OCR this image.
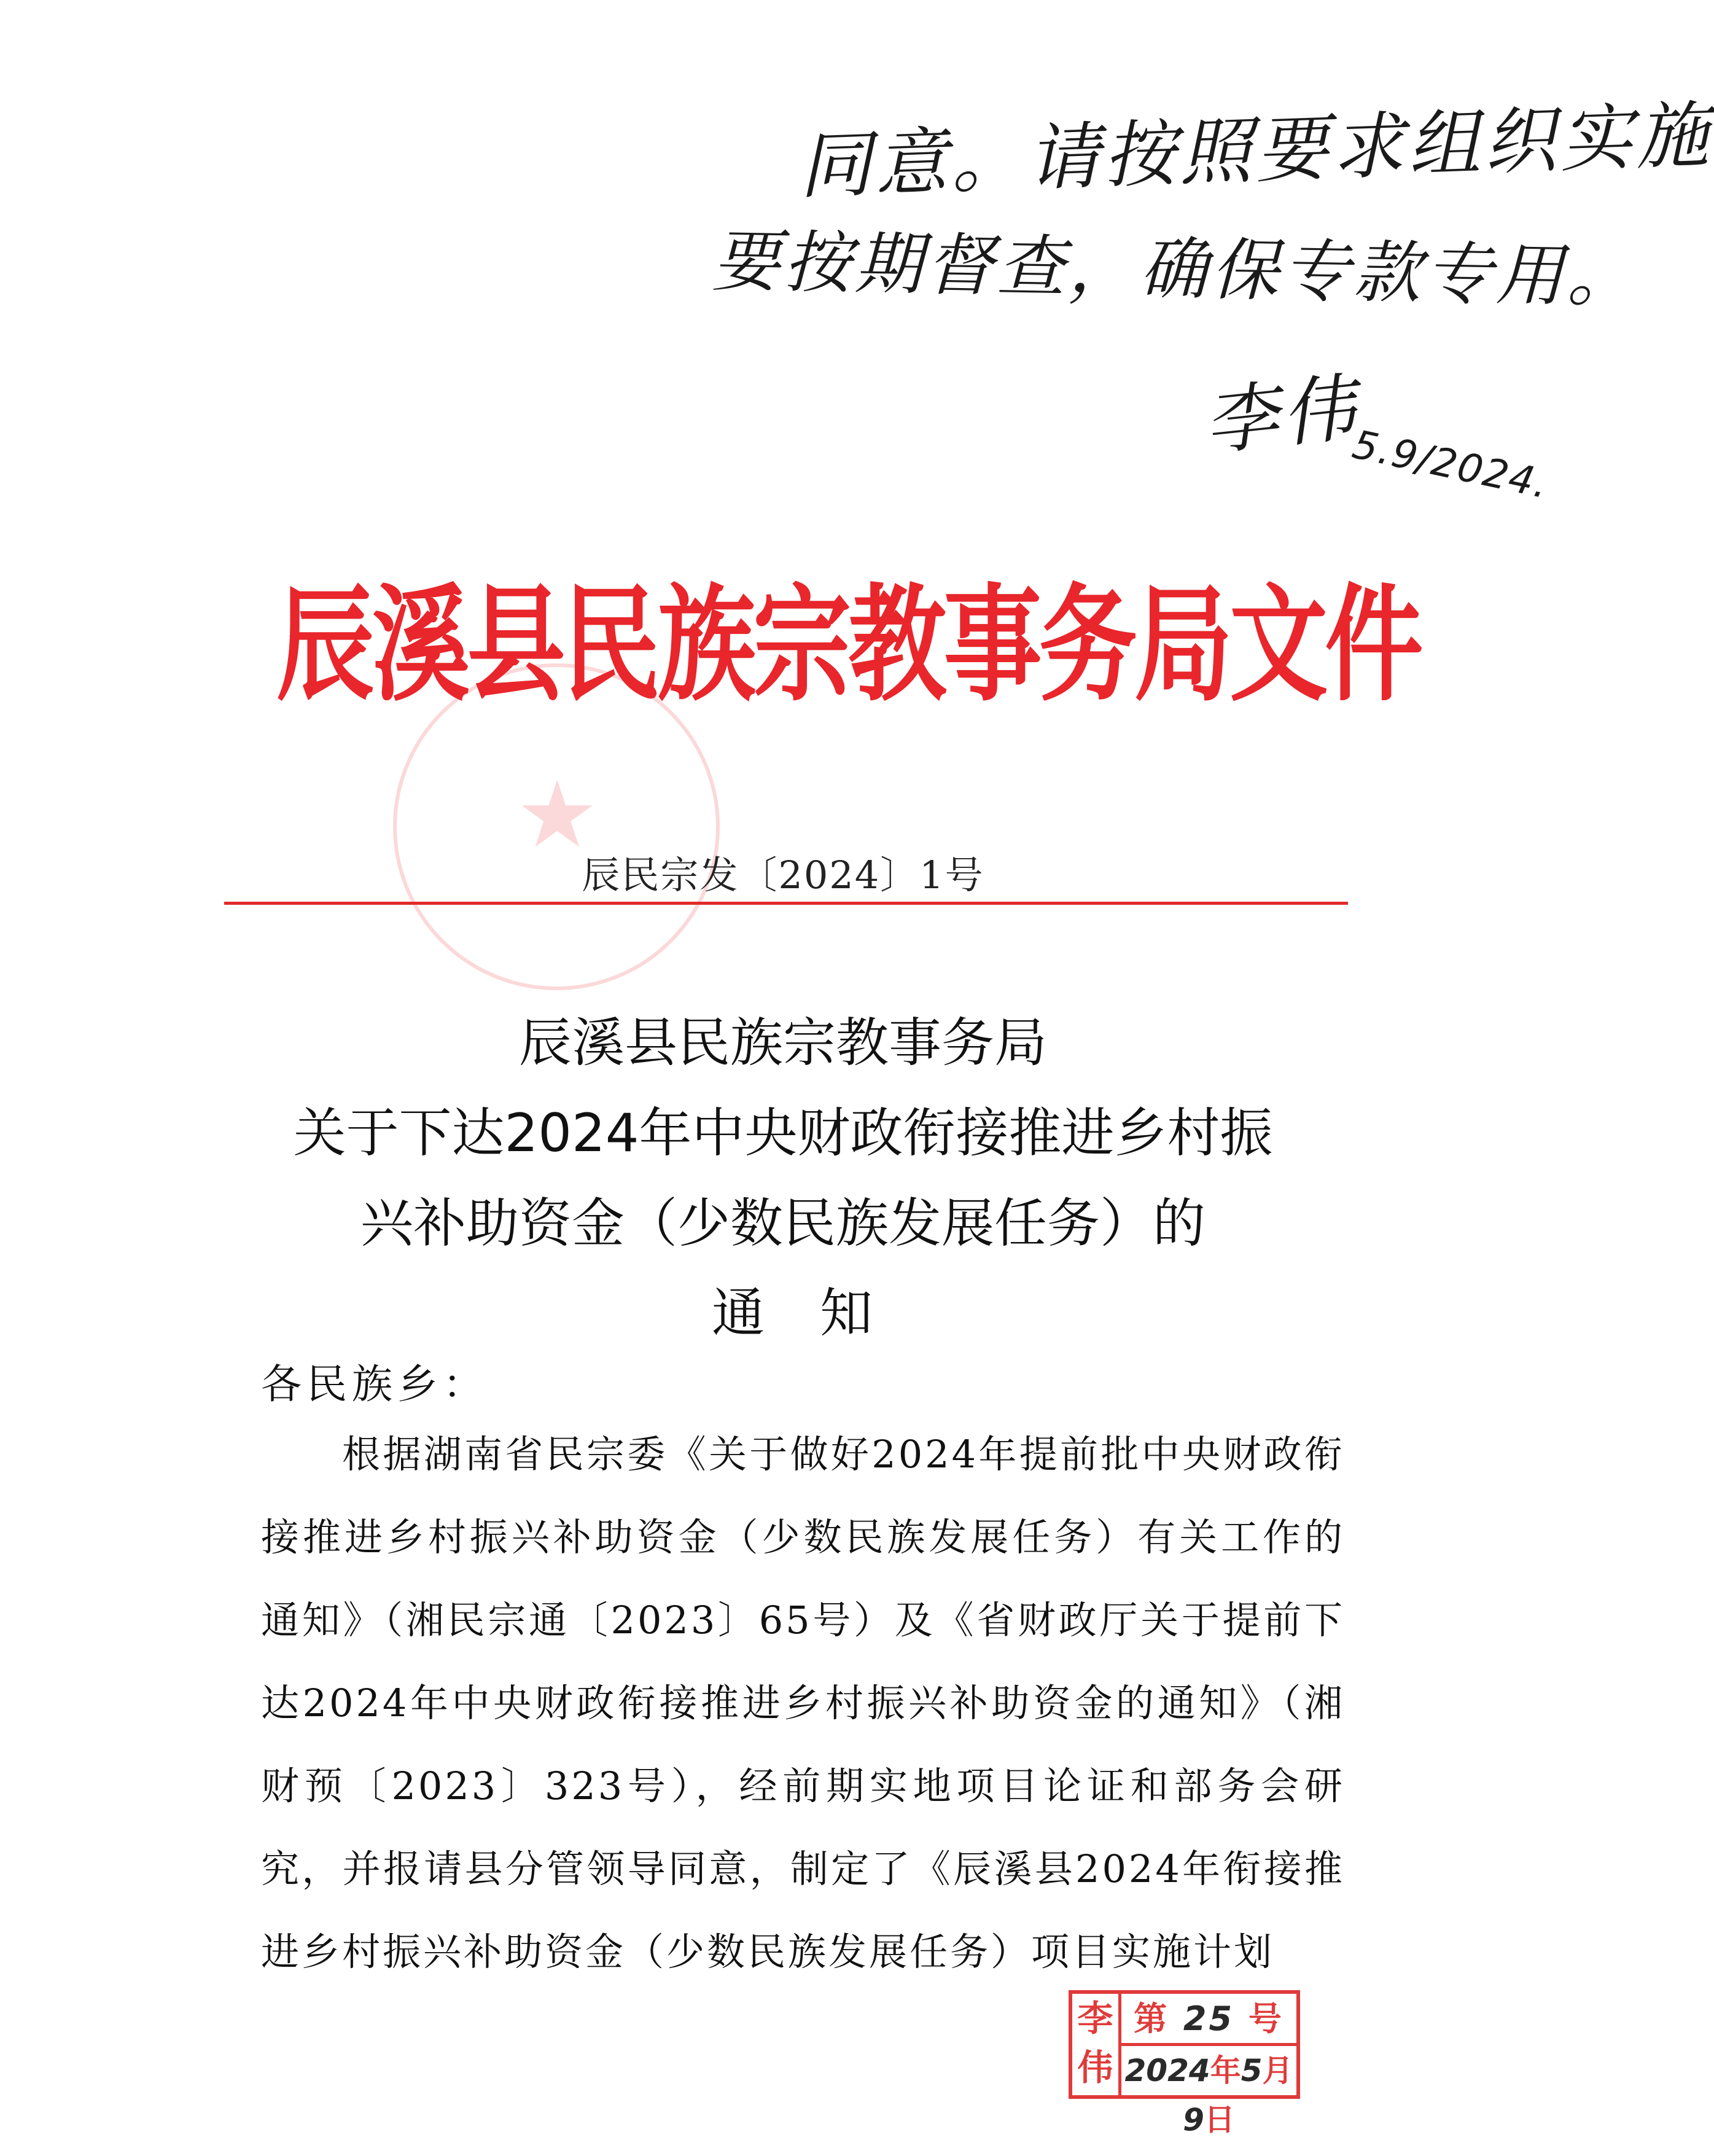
同意。请按照要求组织实施
要按期督查，确保专款专用。
李伟
5.9/2024.
★
辰溪县民族宗教事务局文件
辰民宗发〔2024〕1号
辰溪县民族宗教事务局
关于下达2024年中央财政衔接推进乡村振
兴补助资金（少数民族发展任务）的
通知
各民族乡：

根据湖南省民宗委《关于做好2024年提前批中央财政衔接推进乡村振兴补助资金（少数民族发展任务）有关工作的通知》（湘民宗通〔2023〕65号）及《省财政厅关于提前下达2024年中央财政衔接推进乡村振兴补助资金的通知》（湘财预〔2023〕323号），经前期实地项目论证和部务会研究，并报请县分管领导同意，制定了《辰溪县2024年衔接推进乡村振兴补助资金（少数民族发展任务）项目实施计划

李
伟
第 25 号
2024年5月9日
